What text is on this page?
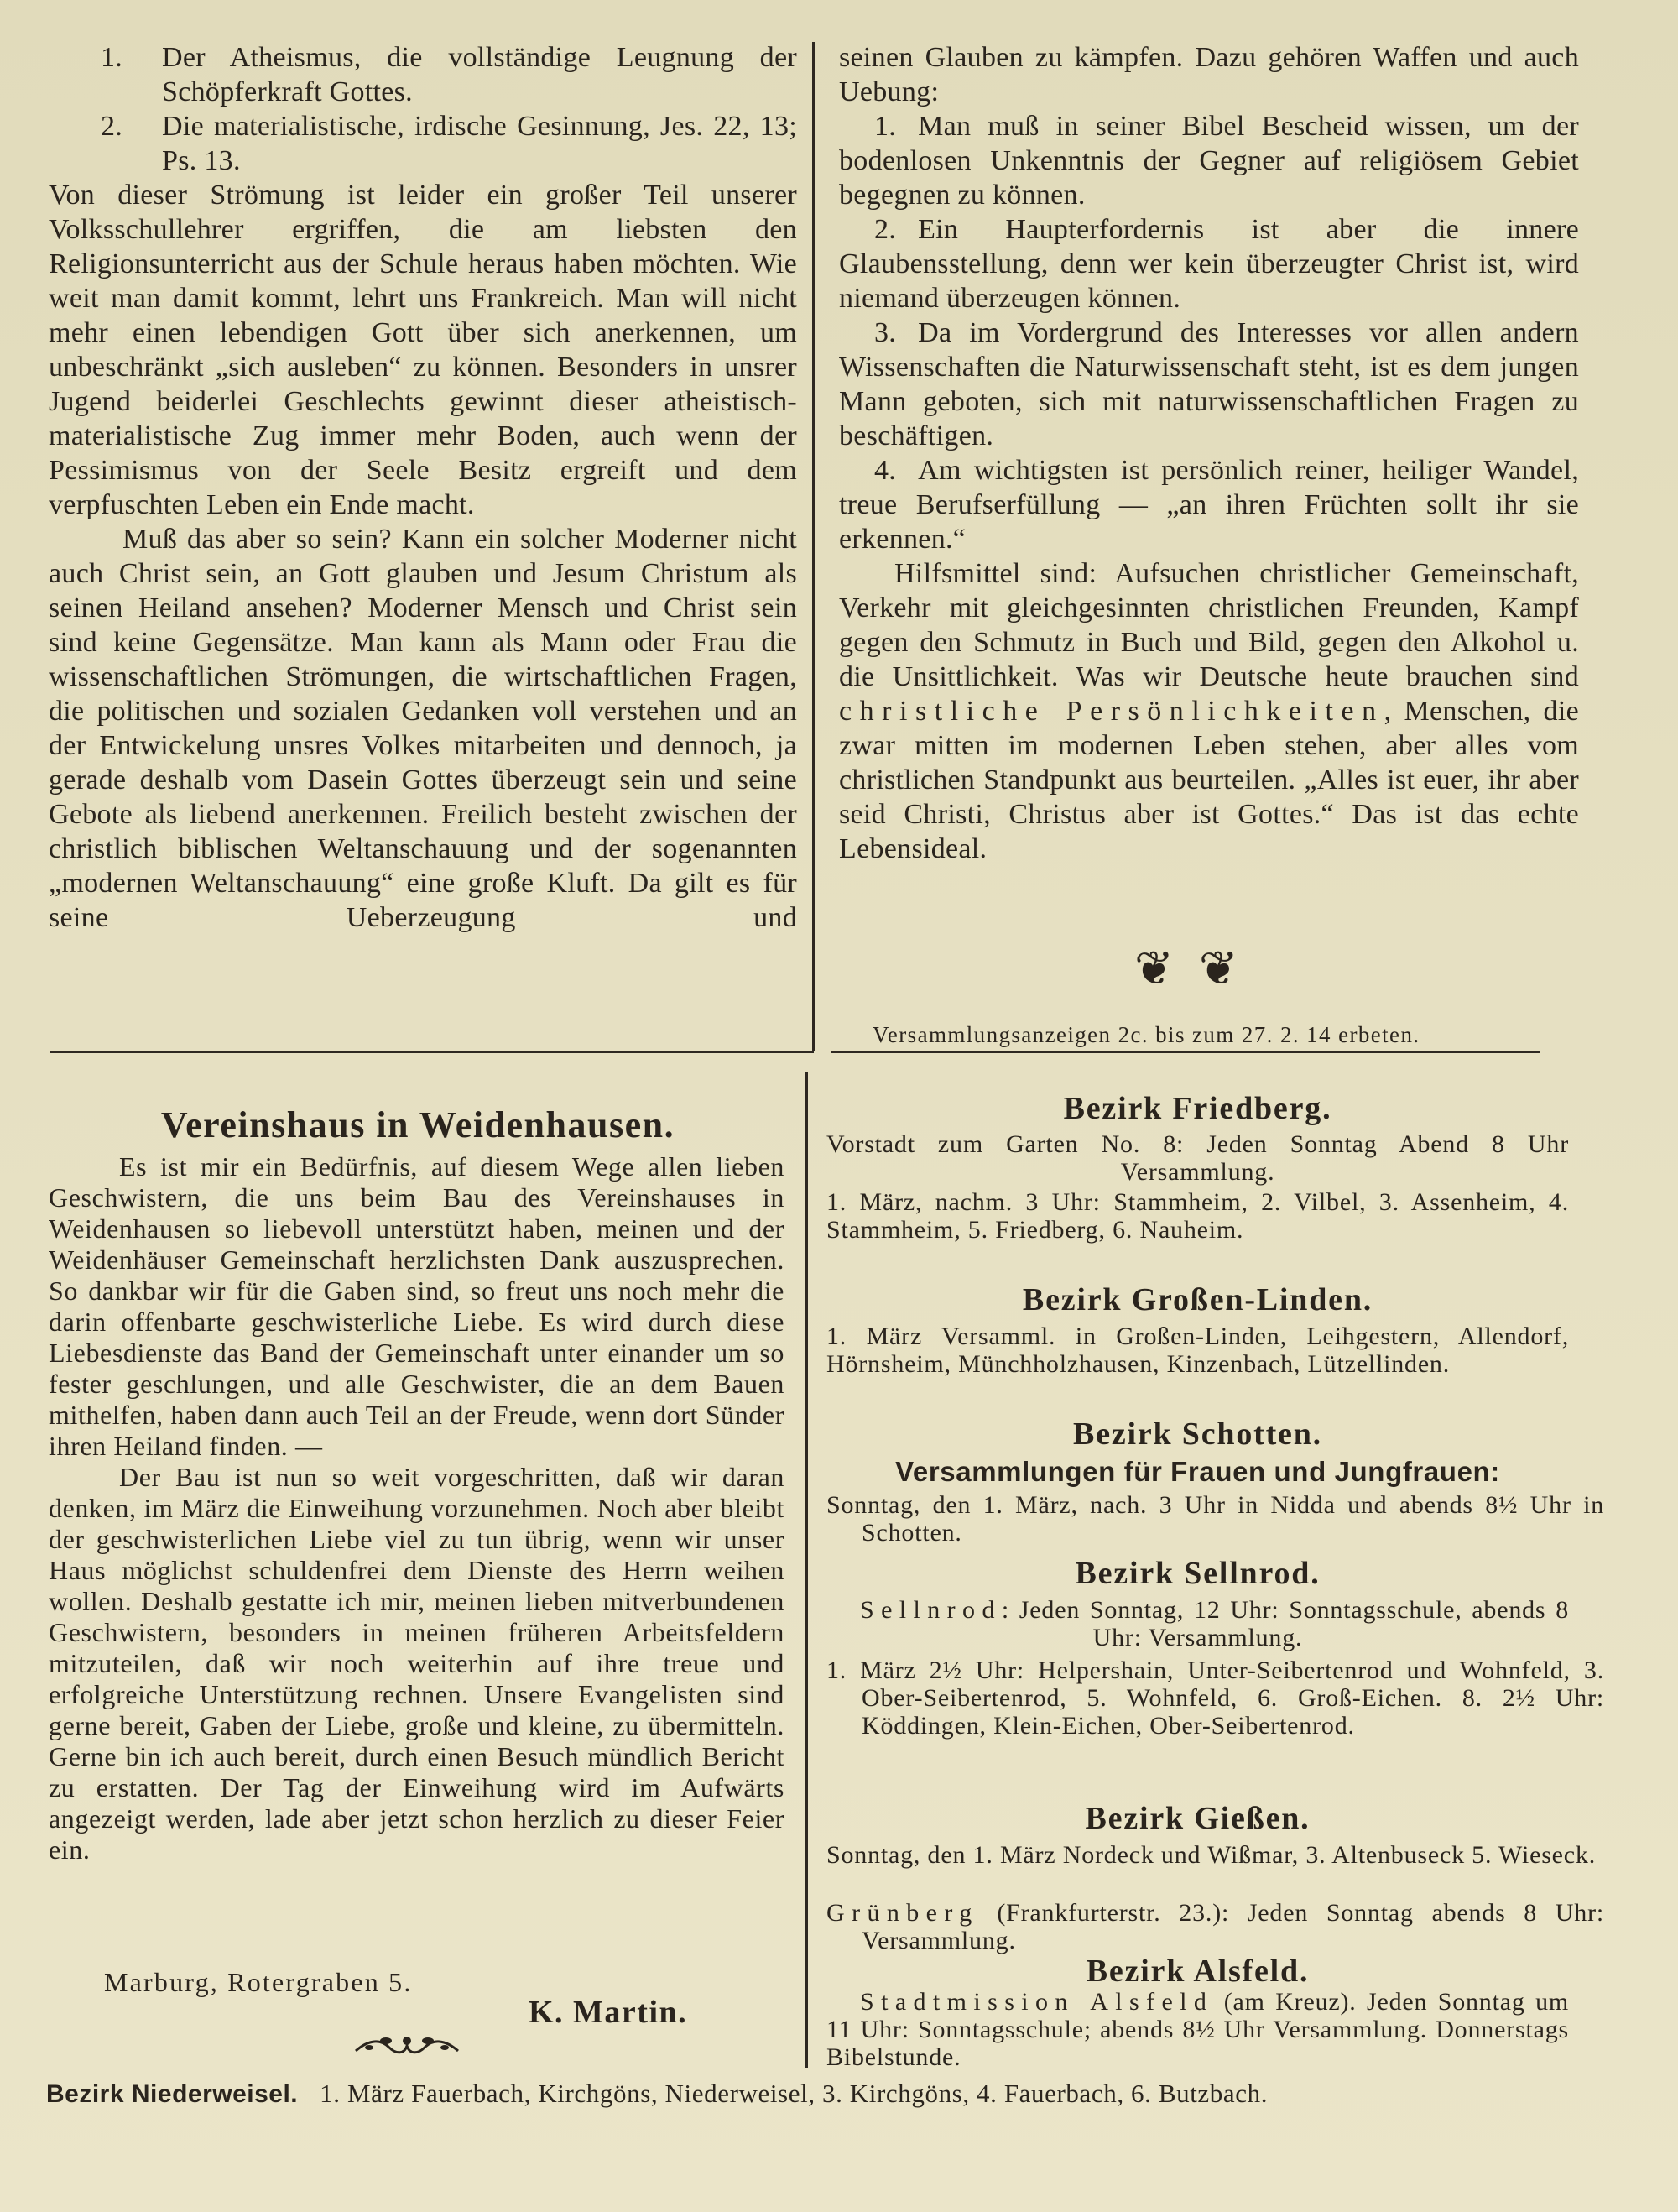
1. Der Atheismus, die vollständige Leugnung der Schöpferkraft Gottes.
2. Die materialistische, irdische Gesinnung, Jes. 22, 13; Ps. 13.

Von dieser Strömung ist leider ein großer Teil unserer Volksschullehrer ergriffen, die am liebsten den Religionsunterricht aus der Schule heraus haben möchten. Wie weit man damit kommt, lehrt uns Frankreich. Man will nicht mehr einen lebendigen Gott über sich anerkennen, um unbeschränkt „sich ausleben“ zu können. Besonders in unsrer Jugend beiderlei Geschlechts gewinnt dieser atheistisch-materialistische Zug immer mehr Boden, auch wenn der Pessimismus von der Seele Besitz ergreift und dem verpfuschten Leben ein Ende macht.

Muß das aber so sein? Kann ein solcher Moderner nicht auch Christ sein, an Gott glauben und Jesum Christum als seinen Heiland ansehen? Moderner Mensch und Christ sein sind keine Gegensätze. Man kann als Mann oder Frau die wissenschaftlichen Strömungen, die wirtschaftlichen Fragen, die politischen und sozialen Gedanken voll verstehen und an der Entwickelung unsres Volkes mitarbeiten und dennoch, ja gerade deshalb vom Dasein Gottes überzeugt sein und seine Gebote als liebend anerkennen. Freilich besteht zwischen der christlich biblischen Weltanschauung und der sogenannten „modernen Weltanschauung“ eine große Kluft. Da gilt es für seine Ueberzeugung und

seinen Glauben zu kämpfen. Dazu gehören Waffen und auch Uebung:

1. Man muß in seiner Bibel Bescheid wissen, um der bodenlosen Unkenntnis der Gegner auf religiösem Gebiet begegnen zu können.

2. Ein Haupterfordernis ist aber die innere Glaubensstellung, denn wer kein überzeugter Christ ist, wird niemand überzeugen können.

3. Da im Vordergrund des Interesses vor allen andern Wissenschaften die Naturwissenschaft steht, ist es dem jungen Mann geboten, sich mit naturwissenschaftlichen Fragen zu beschäftigen.

4. Am wichtigsten ist persönlich reiner, heiliger Wandel, treue Berufserfüllung — „an ihren Früchten sollt ihr sie erkennen.“

Hilfsmittel sind: Aufsuchen christlicher Gemeinschaft, Verkehr mit gleichgesinnten christlichen Freunden, Kampf gegen den Schmutz in Buch und Bild, gegen den Alkohol u. die Unsittlichkeit. Was wir Deutsche heute brauchen sind christliche Persönlichkeiten, Menschen, die zwar mitten im modernen Leben stehen, aber alles vom christlichen Standpunkt aus beurteilen. „Alles ist euer, ihr aber seid Christi, Christus aber ist Gottes.“ Das ist das echte Lebensideal.

❦ ❦
Versammlungsanzeigen 2c. bis zum 27. 2. 14 erbeten.
Vereinshaus in Weidenhausen.

Es ist mir ein Bedürfnis, auf diesem Wege allen lieben Geschwistern, die uns beim Bau des Vereinshauses in Weidenhausen so liebevoll unterstützt haben, meinen und der Weidenhäuser Gemeinschaft herzlichsten Dank auszusprechen. So dankbar wir für die Gaben sind, so freut uns noch mehr die darin offenbarte geschwisterliche Liebe. Es wird durch diese Liebesdienste das Band der Gemeinschaft unter einander um so fester geschlungen, und alle Geschwister, die an dem Bauen mithelfen, haben dann auch Teil an der Freude, wenn dort Sünder ihren Heiland finden. —

Der Bau ist nun so weit vorgeschritten, daß wir daran denken, im März die Einweihung vorzunehmen. Noch aber bleibt der geschwisterlichen Liebe viel zu tun übrig, wenn wir unser Haus möglichst schuldenfrei dem Dienste des Herrn weihen wollen. Deshalb gestatte ich mir, meinen lieben mitverbundenen Geschwistern, besonders in meinen früheren Arbeitsfeldern mitzuteilen, daß wir noch weiterhin auf ihre treue und erfolgreiche Unterstützung rechnen. Unsere Evangelisten sind gerne bereit, Gaben der Liebe, große und kleine, zu übermitteln. Gerne bin ich auch bereit, durch einen Besuch mündlich Bericht zu erstatten. Der Tag der Einweihung wird im Aufwärts angezeigt werden, lade aber jetzt schon herzlich zu dieser Feier ein.

Marburg, Rotergraben 5.
K. Martin.
Bezirk Friedberg.

Vorstadt zum Garten No. 8: Jeden Sonntag Abend 8 Uhr Versammlung.

1. März, nachm. 3 Uhr: Stammheim, 2. Vilbel, 3. Assenheim, 4. Stammheim, 5. Friedberg, 6. Nauheim.

Bezirk Großen-Linden.

1. März Versamml. in Großen-Linden, Leihgestern, Allendorf, Hörnsheim, Münchholzhausen, Kinzenbach, Lützellinden.

Bezirk Schotten.
Versammlungen für Frauen und Jungfrauen:

Sonntag, den 1. März, nach. 3 Uhr in Nidda und abends 8½ Uhr in Schotten.

Bezirk Sellnrod.

Sellnrod: Jeden Sonntag, 12 Uhr: Sonntagsschule, abends 8 Uhr: Versammlung.

1. März 2½ Uhr: Helpershain, Unter-Seibertenrod und Wohnfeld, 3. Ober-Seibertenrod, 5. Wohnfeld, 6. Groß-Eichen. 8. 2½ Uhr: Köddingen, Klein-Eichen, Ober-Seibertenrod.

Bezirk Gießen.

Sonntag, den 1. März Nordeck und Wißmar, 3. Altenbuseck 5. Wieseck.

Grünberg (Frankfurterstr. 23.): Jeden Sonntag abends 8 Uhr: Versammlung.

Bezirk Alsfeld.

Stadtmission Alsfeld (am Kreuz). Jeden Sonntag um 11 Uhr: Sonntagsschule; abends 8½ Uhr Versammlung. Donnerstags Bibelstunde.

Bezirk Niederweisel. 1. März Fauerbach, Kirchgöns, Niederweisel, 3. Kirchgöns, 4. Fauerbach, 6. Butzbach.
